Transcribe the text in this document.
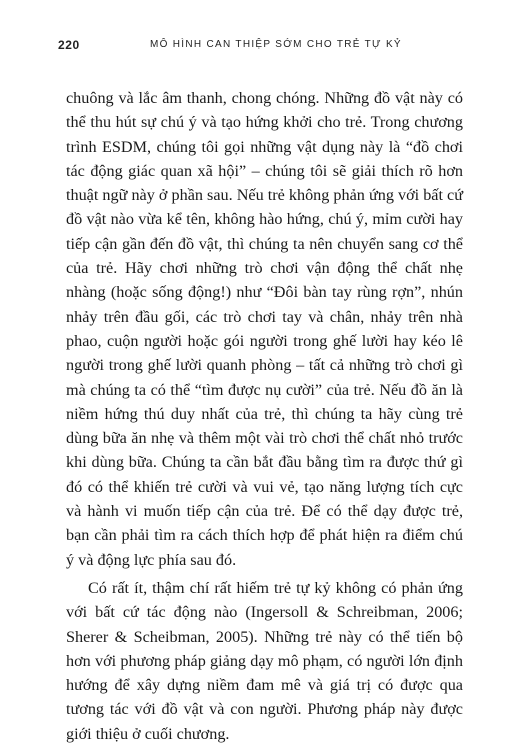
220	MÔ HÌNH CAN THIỆP SỚM CHO TRẺ TỰ KỶ

chuông và lắc âm thanh, chong chóng. Những đồ vật này có thể thu hút sự chú ý và tạo hứng khởi cho trẻ. Trong chương trình ESDM, chúng tôi gọi những vật dụng này là “đồ chơi tác động giác quan xã hội” – chúng tôi sẽ giải thích rõ hơn thuật ngữ này ở phần sau. Nếu trẻ không phản ứng với bất cứ đồ vật nào vừa kể tên, không hào hứng, chú ý, mỉm cười hay tiếp cận gần đến đồ vật, thì chúng ta nên chuyển sang cơ thể của trẻ. Hãy chơi những trò chơi vận động thể chất nhẹ nhàng (hoặc sống động!) như “Đôi bàn tay rùng rợn”, nhún nhảy trên đầu gối, các trò chơi tay và chân, nhảy trên nhà phao, cuộn người hoặc gói người trong ghế lười hay kéo lê người trong ghế lười quanh phòng – tất cả những trò chơi gì mà chúng ta có thể “tìm được nụ cười” của trẻ. Nếu đồ ăn là niềm hứng thú duy nhất của trẻ, thì chúng ta hãy cùng trẻ dùng bữa ăn nhẹ và thêm một vài trò chơi thể chất nhỏ trước khi dùng bữa. Chúng ta cần bắt đầu bằng tìm ra được thứ gì đó có thể khiến trẻ cười và vui vẻ, tạo năng lượng tích cực và hành vi muốn tiếp cận của trẻ. Để có thể dạy được trẻ, bạn cần phải tìm ra cách thích hợp để phát hiện ra điểm chú ý và động lực phía sau đó.

Có rất ít, thậm chí rất hiếm trẻ tự kỷ không có phản ứng với bất cứ tác động nào (Ingersoll & Schreibman, 2006; Sherer & Scheibman, 2005). Những trẻ này có thể tiến bộ hơn với phương pháp giảng dạy mô phạm, có người lớn định hướng để xây dựng niềm đam mê và giá trị có được qua tương tác với đồ vật và con người. Phương pháp này được giới thiệu ở cuối chương.
